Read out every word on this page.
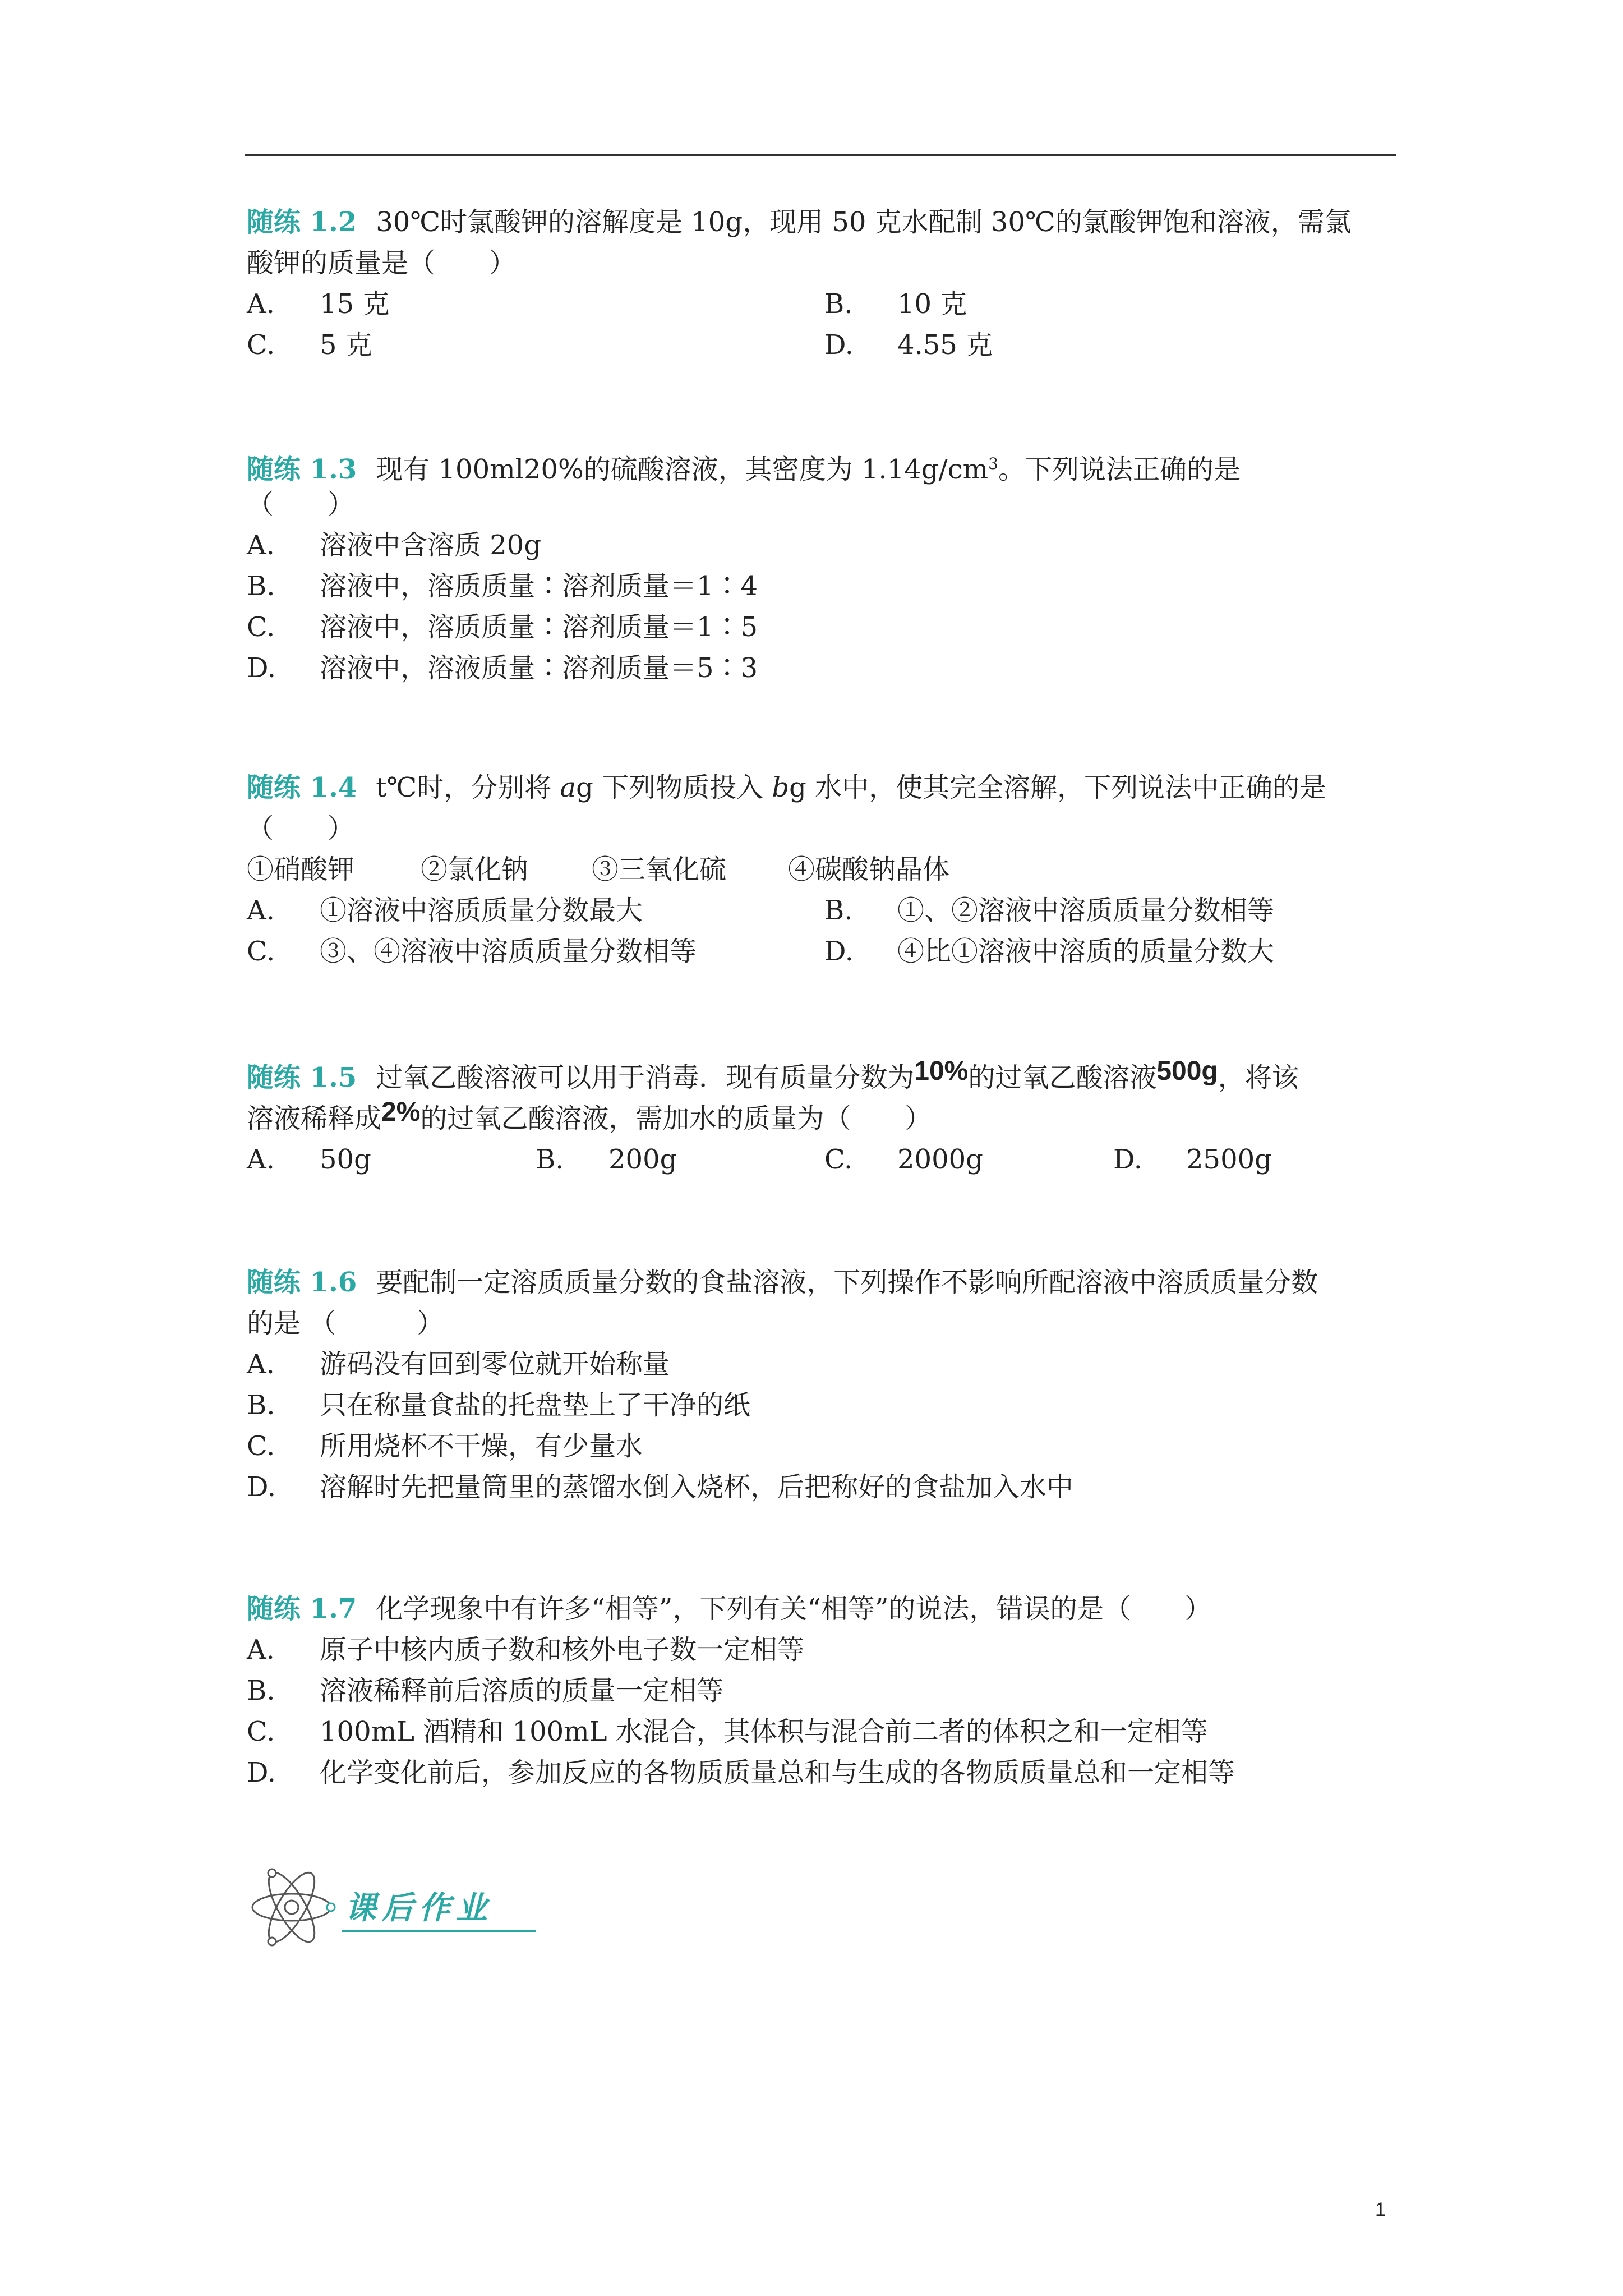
随练 1.2 30℃时氯酸钾的溶解度是 10g，现用 50 克水配制 30℃的氯酸钾饱和溶液，需氯
酸钾的质量是（　　）
A. 15 克	B. 10 克
C. 5 克	D. 4.55 克
随练 1.3 现有 100ml20%的硫酸溶液，其密度为 $1.14g/cm^3$。下列说法正确的是
（　　）
A. 溶液中含溶质 20g
B. 溶液中，溶质质量∶溶剂质量＝1∶4
C. 溶液中，溶质质量∶溶剂质量＝1∶5
D. 溶液中，溶液质量∶溶剂质量＝5∶3
随练 1.4 t℃时，分别将 ag 下列物质投入 bg 水中，使其完全溶解，下列说法中正确的是
（　　）
①硝酸钾 ②氯化钠 ③三氧化硫 ④碳酸钠晶体
A. ①溶液中溶质质量分数最大	B. ①、②溶液中溶质质量分数相等
C. ③、④溶液中溶质质量分数相等	D. ④比①溶液中溶质的质量分数大
随练 1.5 过氧乙酸溶液可以用于消毒．现有质量分数为10%的过氧乙酸溶液500g，将该
溶液稀释成2%的过氧乙酸溶液，需加水的质量为（　　）
A. 50g	B. 200g	C. 2000g	D. 2500g
随练 1.6 要配制一定溶质质量分数的食盐溶液，下列操作不影响所配溶液中溶质质量分数
的是 （　　　）
A. 游码没有回到零位就开始称量
B. 只在称量食盐的托盘垫上了干净的纸
C. 所用烧杯不干燥，有少量水
D. 溶解时先把量筒里的蒸馏水倒入烧杯，后把称好的食盐加入水中
随练 1.7 化学现象中有许多“相等”，下列有关“相等”的说法，错误的是（　　）
A. 原子中核内质子数和核外电子数一定相等
B. 溶液稀释前后溶质的质量一定相等
C. 100mL 酒精和 100mL 水混合，其体积与混合前二者的体积之和一定相等
D. 化学变化前后，参加反应的各物质质量总和与生成的各物质质量总和一定相等
课后作业
1
